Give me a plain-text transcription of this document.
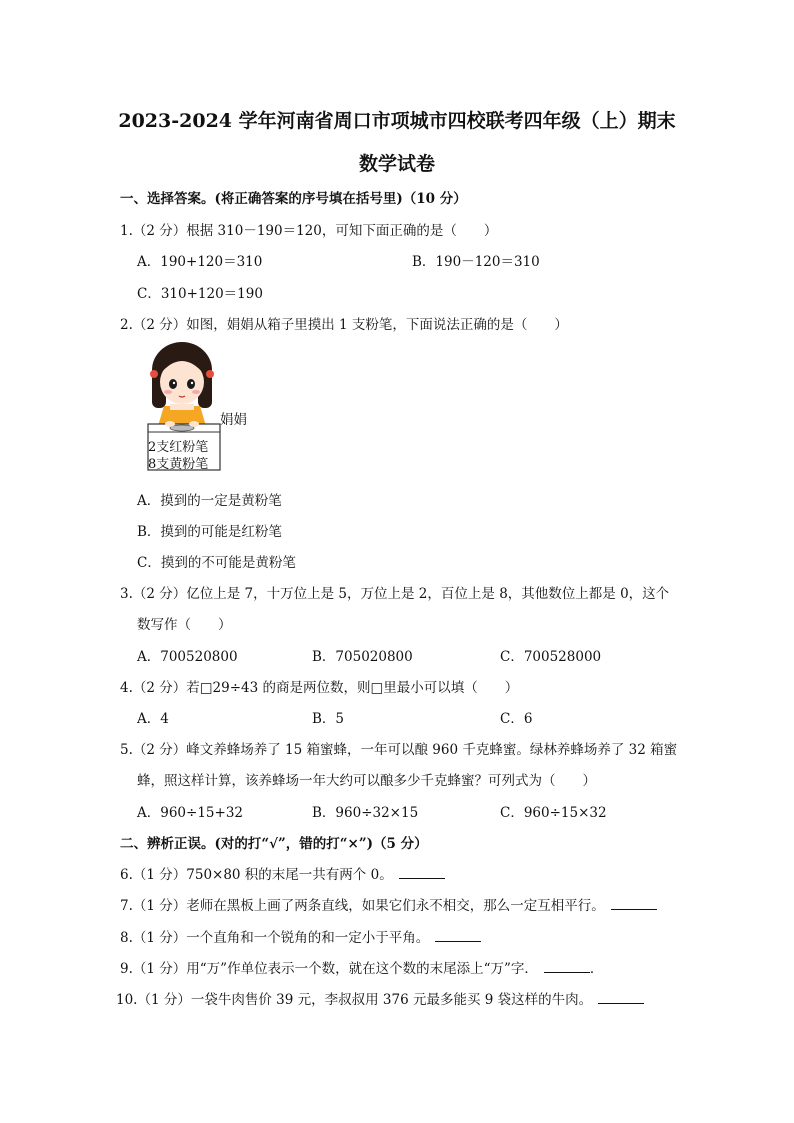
2023-2024 学年河南省周口市项城市四校联考四年级（上）期末
数学试卷
一、选择答案。(将正确答案的序号填在括号里)（10 分）
1.（2 分）根据 310－190＝120，可知下面正确的是（　　）
A．190+120＝310	B．190－120＝310
C．310+120＝190
2.（2 分）如图，娟娟从箱子里摸出 1 支粉笔，下面说法正确的是（　　）
娟娟
2支红粉笔
8支黄粉笔
A．摸到的一定是黄粉笔
B．摸到的可能是红粉笔
C．摸到的不可能是黄粉笔
3.（2 分）亿位上是 7，十万位上是 5，万位上是 2，百位上是 8，其他数位上都是 0，这个
数写作（　　）
A．700520800	B．705020800	C．700528000
4.（2 分）若□29÷43 的商是两位数，则□里最小可以填（　　）
A．4	B．5	C．6
5.（2 分）峰文养蜂场养了 15 箱蜜蜂，一年可以酿 960 千克蜂蜜。绿林养蜂场养了 32 箱蜜
蜂，照这样计算，该养蜂场一年大约可以酿多少千克蜂蜜？可列式为（　　）
A．960÷15+32	B．960÷32×15	C．960÷15×32
二、辨析正误。(对的打“√”，错的打“×”)（5 分）
6.（1 分）750×80 积的末尾一共有两个 0。
7.（1 分）老师在黑板上画了两条直线，如果它们永不相交，那么一定互相平行。
8.（1 分）一个直角和一个锐角的和一定小于平角。
9.（1 分）用“万”作单位表示一个数，就在这个数的末尾添上“万”字．	．
10.（1 分）一袋牛肉售价 39 元，李叔叔用 376 元最多能买 9 袋这样的牛肉。
